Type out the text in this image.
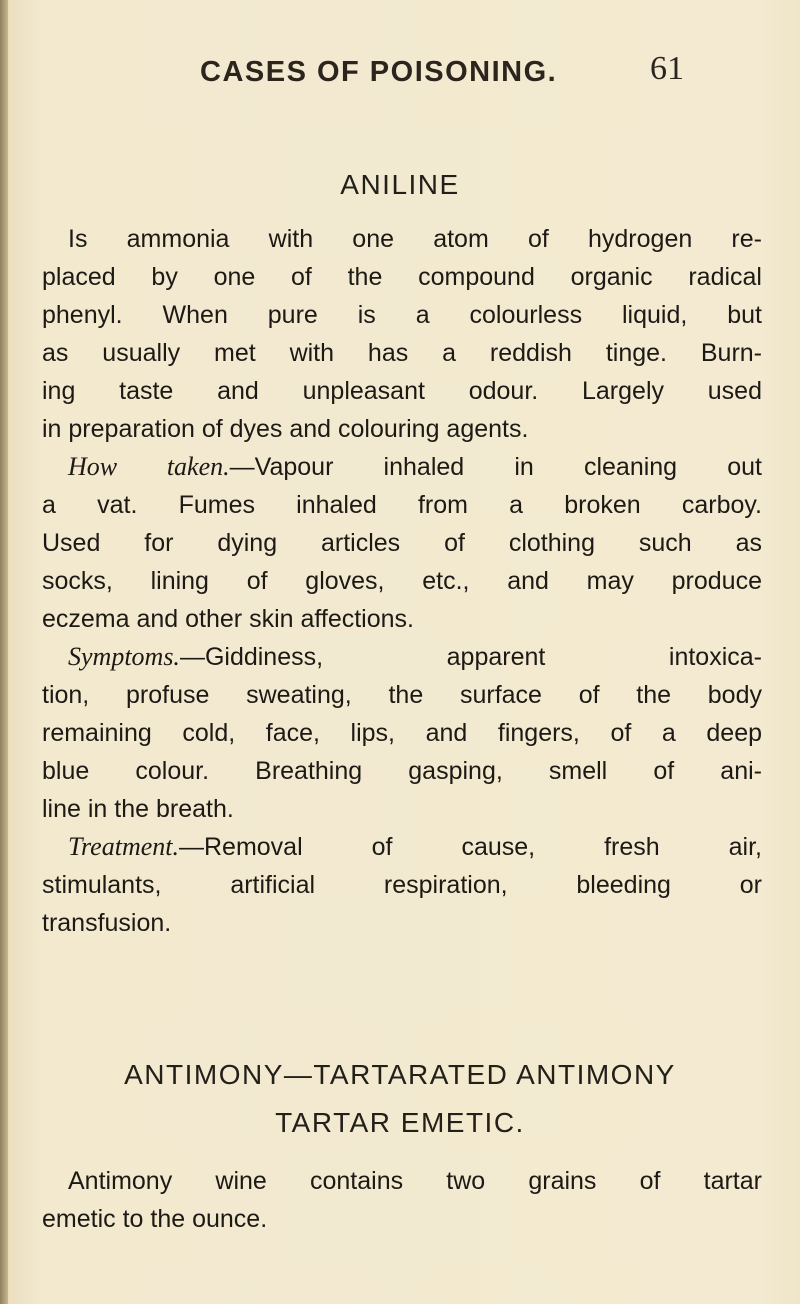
CASES OF POISONING.	61
ANILINE
Is ammonia with one atom of hydrogen re-
placed by one of the compound organic radical
phenyl. When pure is a colourless liquid, but
as usually met with has a reddish tinge. Burn-
ing taste and unpleasant odour. Largely used
in preparation of dyes and colouring agents.
How taken.—Vapour inhaled in cleaning out
a vat. Fumes inhaled from a broken carboy.
Used for dying articles of clothing such as
socks, lining of gloves, etc., and may produce
eczema and other skin affections.
Symptoms.—Giddiness, apparent intoxica-
tion, profuse sweating, the surface of the body
remaining cold, face, lips, and fingers, of a deep
blue colour. Breathing gasping, smell of ani-
line in the breath.
Treatment.—Removal of cause, fresh air,
stimulants, artificial respiration, bleeding or
transfusion.
ANTIMONY—TARTARATED ANTIMONY
TARTAR EMETIC.
Antimony wine contains two grains of tartar
emetic to the ounce.
